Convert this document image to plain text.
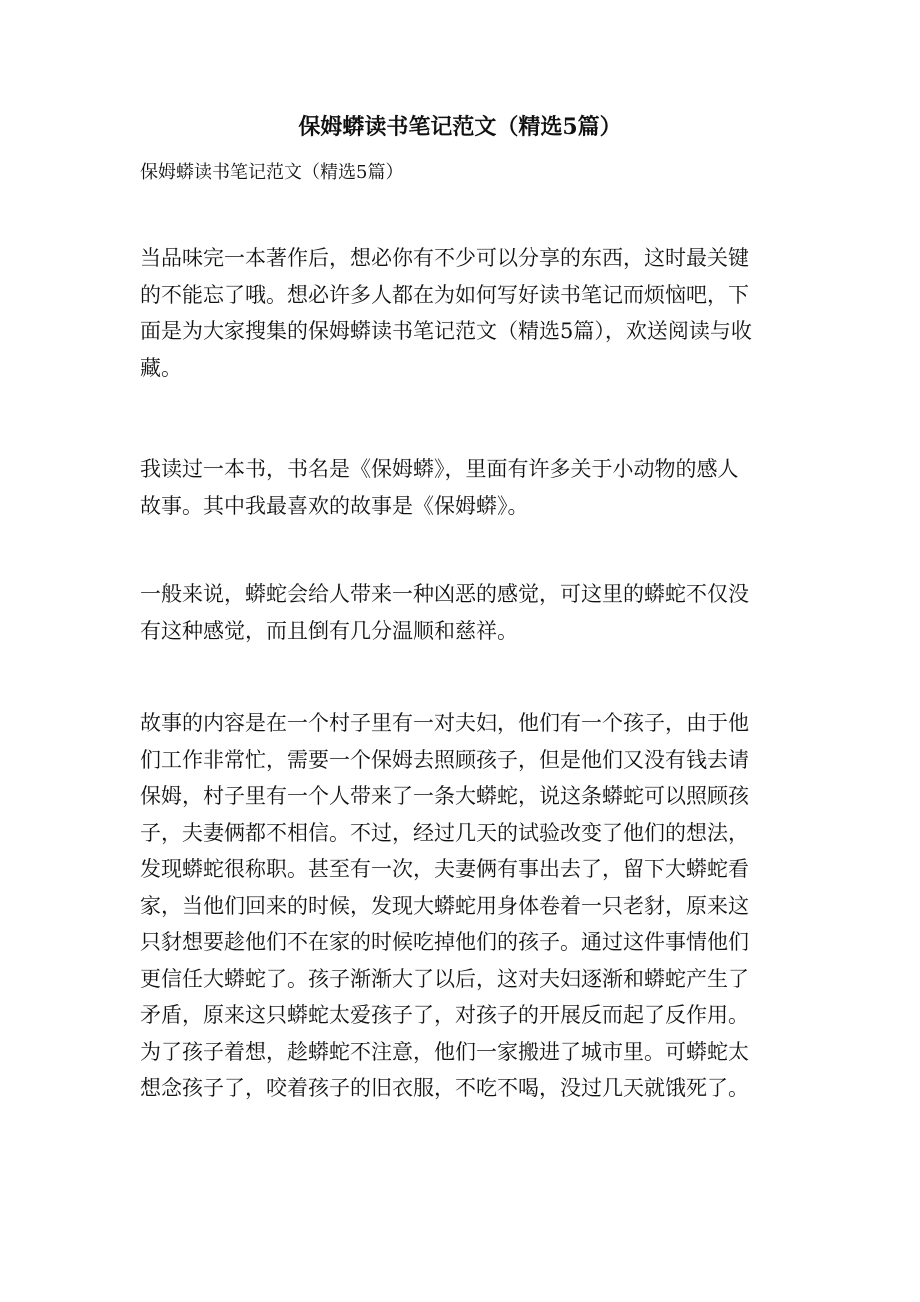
保姆蟒读书笔记范文（精选5篇）
保姆蟒读书笔记范文（精选5篇）
当品味完一本著作后，想必你有不少可以分享的东西，这时最关键
的不能忘了哦。想必许多人都在为如何写好读书笔记而烦恼吧，下
面是为大家搜集的保姆蟒读书笔记范文（精选5篇），欢送阅读与收
藏。
我读过一本书，书名是《保姆蟒》，里面有许多关于小动物的感人
故事。其中我最喜欢的故事是《保姆蟒》。
一般来说，蟒蛇会给人带来一种凶恶的感觉，可这里的蟒蛇不仅没
有这种感觉，而且倒有几分温顺和慈祥。
故事的内容是在一个村子里有一对夫妇，他们有一个孩子，由于他
们工作非常忙，需要一个保姆去照顾孩子，但是他们又没有钱去请
保姆，村子里有一个人带来了一条大蟒蛇，说这条蟒蛇可以照顾孩
子，夫妻俩都不相信。不过，经过几天的试验改变了他们的想法，
发现蟒蛇很称职。甚至有一次，夫妻俩有事出去了，留下大蟒蛇看
家，当他们回来的时候，发现大蟒蛇用身体卷着一只老豺，原来这
只豺想要趁他们不在家的时候吃掉他们的孩子。通过这件事情他们
更信任大蟒蛇了。孩子渐渐大了以后，这对夫妇逐渐和蟒蛇产生了
矛盾，原来这只蟒蛇太爱孩子了，对孩子的开展反而起了反作用。
为了孩子着想，趁蟒蛇不注意，他们一家搬进了城市里。可蟒蛇太
想念孩子了，咬着孩子的旧衣服，不吃不喝，没过几天就饿死了。
